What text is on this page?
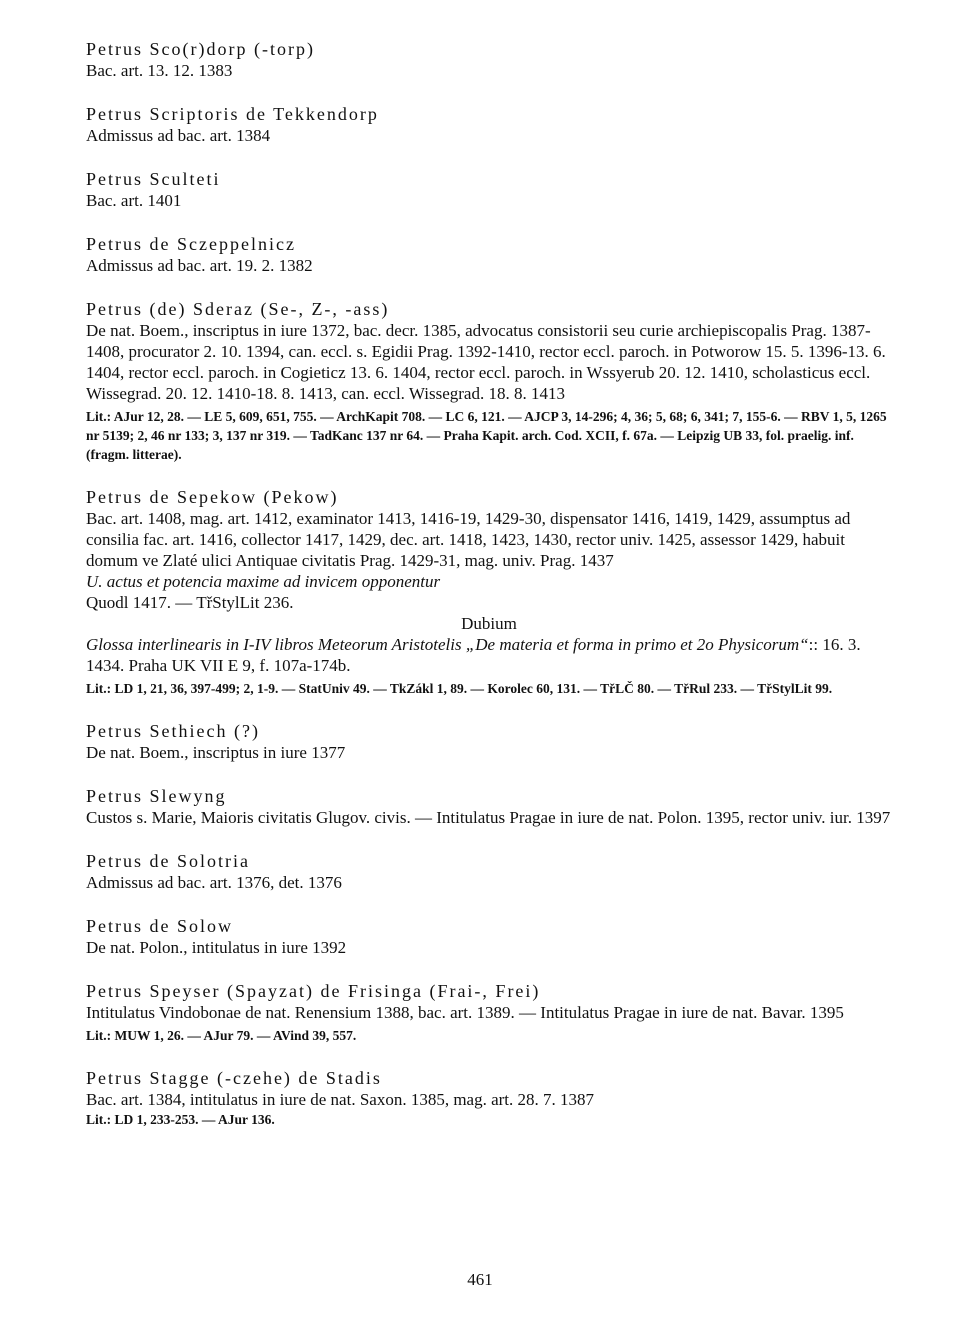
Petrus Sco(r)dorp (-torp)

Bac. art. 13. 12. 1383

Petrus Scriptoris de Tekkendorp

Admissus ad bac. art. 1384

Petrus Sculteti

Bac. art. 1401

Petrus de Sczeppelnicz

Admissus ad bac. art. 19. 2. 1382

Petrus (de) Sderaz (Se-, Z-, -ass)

De nat. Boem., inscriptus in iure 1372, bac. decr. 1385, advocatus consistorii seu curie archiepiscopalis Prag. 1387-1408, procurator 2. 10. 1394, can. eccl. s. Egidii Prag. 1392-1410, rector eccl. paroch. in Potworow 15. 5. 1396-13. 6. 1404, rector eccl. paroch. in Cogieticz 13. 6. 1404, rector eccl. paroch. in Wssyerub 20. 12. 1410, scholasticus eccl. Wissegrad. 20. 12. 1410-18. 8. 1413, can. eccl. Wissegrad. 18. 8. 1413

Lit.: AJur 12, 28. — LE 5, 609, 651, 755. — ArchKapit 708. — LC 6, 121. — AJCP 3, 14-296; 4, 36; 5, 68; 6, 341; 7, 155-6. — RBV 1, 5, 1265 nr 5139; 2, 46 nr 133; 3, 137 nr 319. — TadKanc 137 nr 64. — Praha Kapit. arch. Cod. XCII, f. 67a. — Leipzig UB 33, fol. praelig. inf. (fragm. litterae).
Petrus de Sepekow (Pekow)

Bac. art. 1408, mag. art. 1412, examinator 1413, 1416-19, 1429-30, dispensator 1416, 1419, 1429, assumptus ad consilia fac. art. 1416, collector 1417, 1429, dec. art. 1418, 1423, 1430, rector univ. 1425, assessor 1429, habuit domum ve Zlaté ulici Antiquae civitatis Prag. 1429-31, mag. univ. Prag. 1437

U. actus et potencia maxime ad invicem opponentur

Quodl 1417. — TřStylLit 236.

Dubium

Glossa interlinearis in I-IV libros Meteorum Aristotelis „De materia et forma in primo et 2o Physicorum“:: 16. 3. 1434. Praha UK VII E 9, f. 107a-174b.

Lit.: LD 1, 21, 36, 397-499; 2, 1-9. — StatUniv 49. — TkZákl 1, 89. — Korolec 60, 131. — TřLČ 80. — TřRul 233. — TřStylLit 99.
Petrus Sethiech (?)

De nat. Boem., inscriptus in iure 1377

Petrus Slewyng

Custos s. Marie, Maioris civitatis Glugov. civis. — Intitulatus Pragae in iure de nat. Polon. 1395, rector univ. iur. 1397

Petrus de Solotria

Admissus ad bac. art. 1376, det. 1376

Petrus de Solow

De nat. Polon., intitulatus in iure 1392

Petrus Speyser (Spayzat) de Frisinga (Frai-, Frei)

Intitulatus Vindobonae de nat. Renensium 1388, bac. art. 1389. — Intitulatus Pragae in iure de nat. Bavar. 1395

Lit.: MUW 1, 26. — AJur 79. — AVind 39, 557.
Petrus Stagge (-czehe) de Stadis

Bac. art. 1384, intitulatus in iure de nat. Saxon. 1385, mag. art. 28. 7. 1387

Lit.: LD 1, 233-253. — AJur 136.
461
